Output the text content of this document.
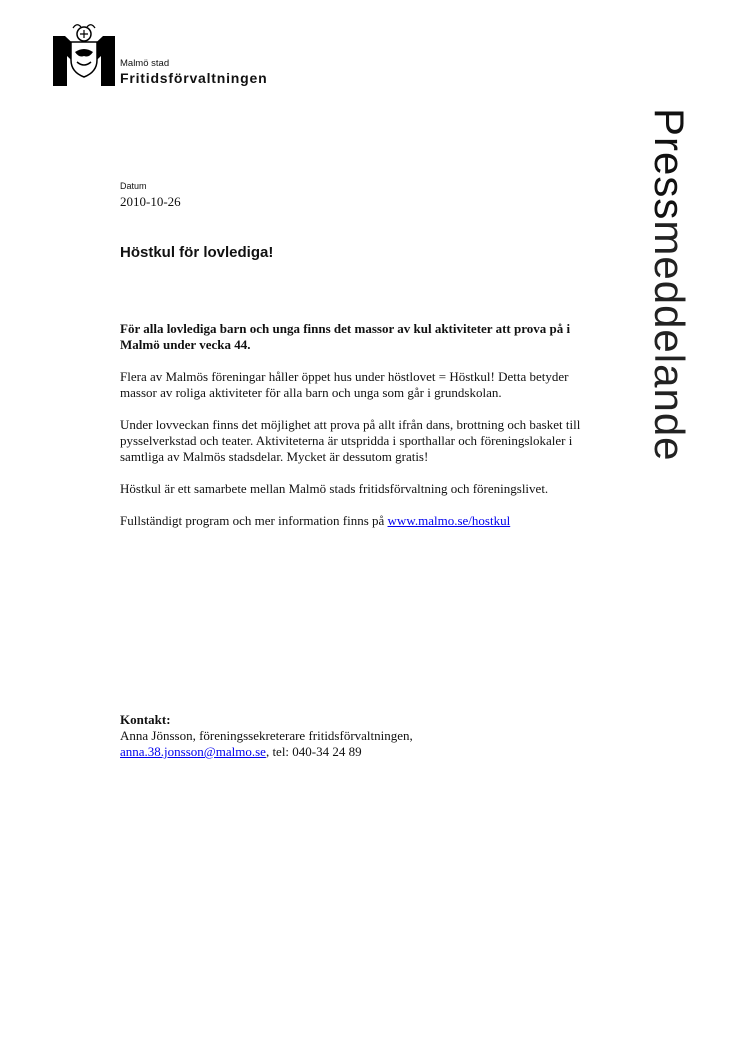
Malmö stad
Fritidsförvaltningen
Pressmeddelande
Datum
2010-10-26
Höstkul för lovlediga!

För alla lovlediga barn och unga finns det massor av kul aktiviteter att prova på i Malmö under vecka 44.

Flera av Malmös föreningar håller öppet hus under höstlovet = Höstkul! Detta betyder massor av roliga aktiviteter för alla barn och unga som går i grundskolan.

Under lovveckan finns det möjlighet att prova på allt ifrån dans, brottning och basket till pysselverkstad och teater. Aktiviteterna är utspridda i sporthallar och föreningslokaler i samtliga av Malmös stadsdelar. Mycket är dessutom gratis!

Höstkul är ett samarbete mellan Malmö stads fritidsförvaltning och föreningslivet.

Fullständigt program och mer information finns på www.malmo.se/hostkul

Kontakt:
Anna Jönsson, föreningssekreterare fritidsförvaltningen,
anna.38.jonsson@malmo.se, tel: 040-34 24 89
